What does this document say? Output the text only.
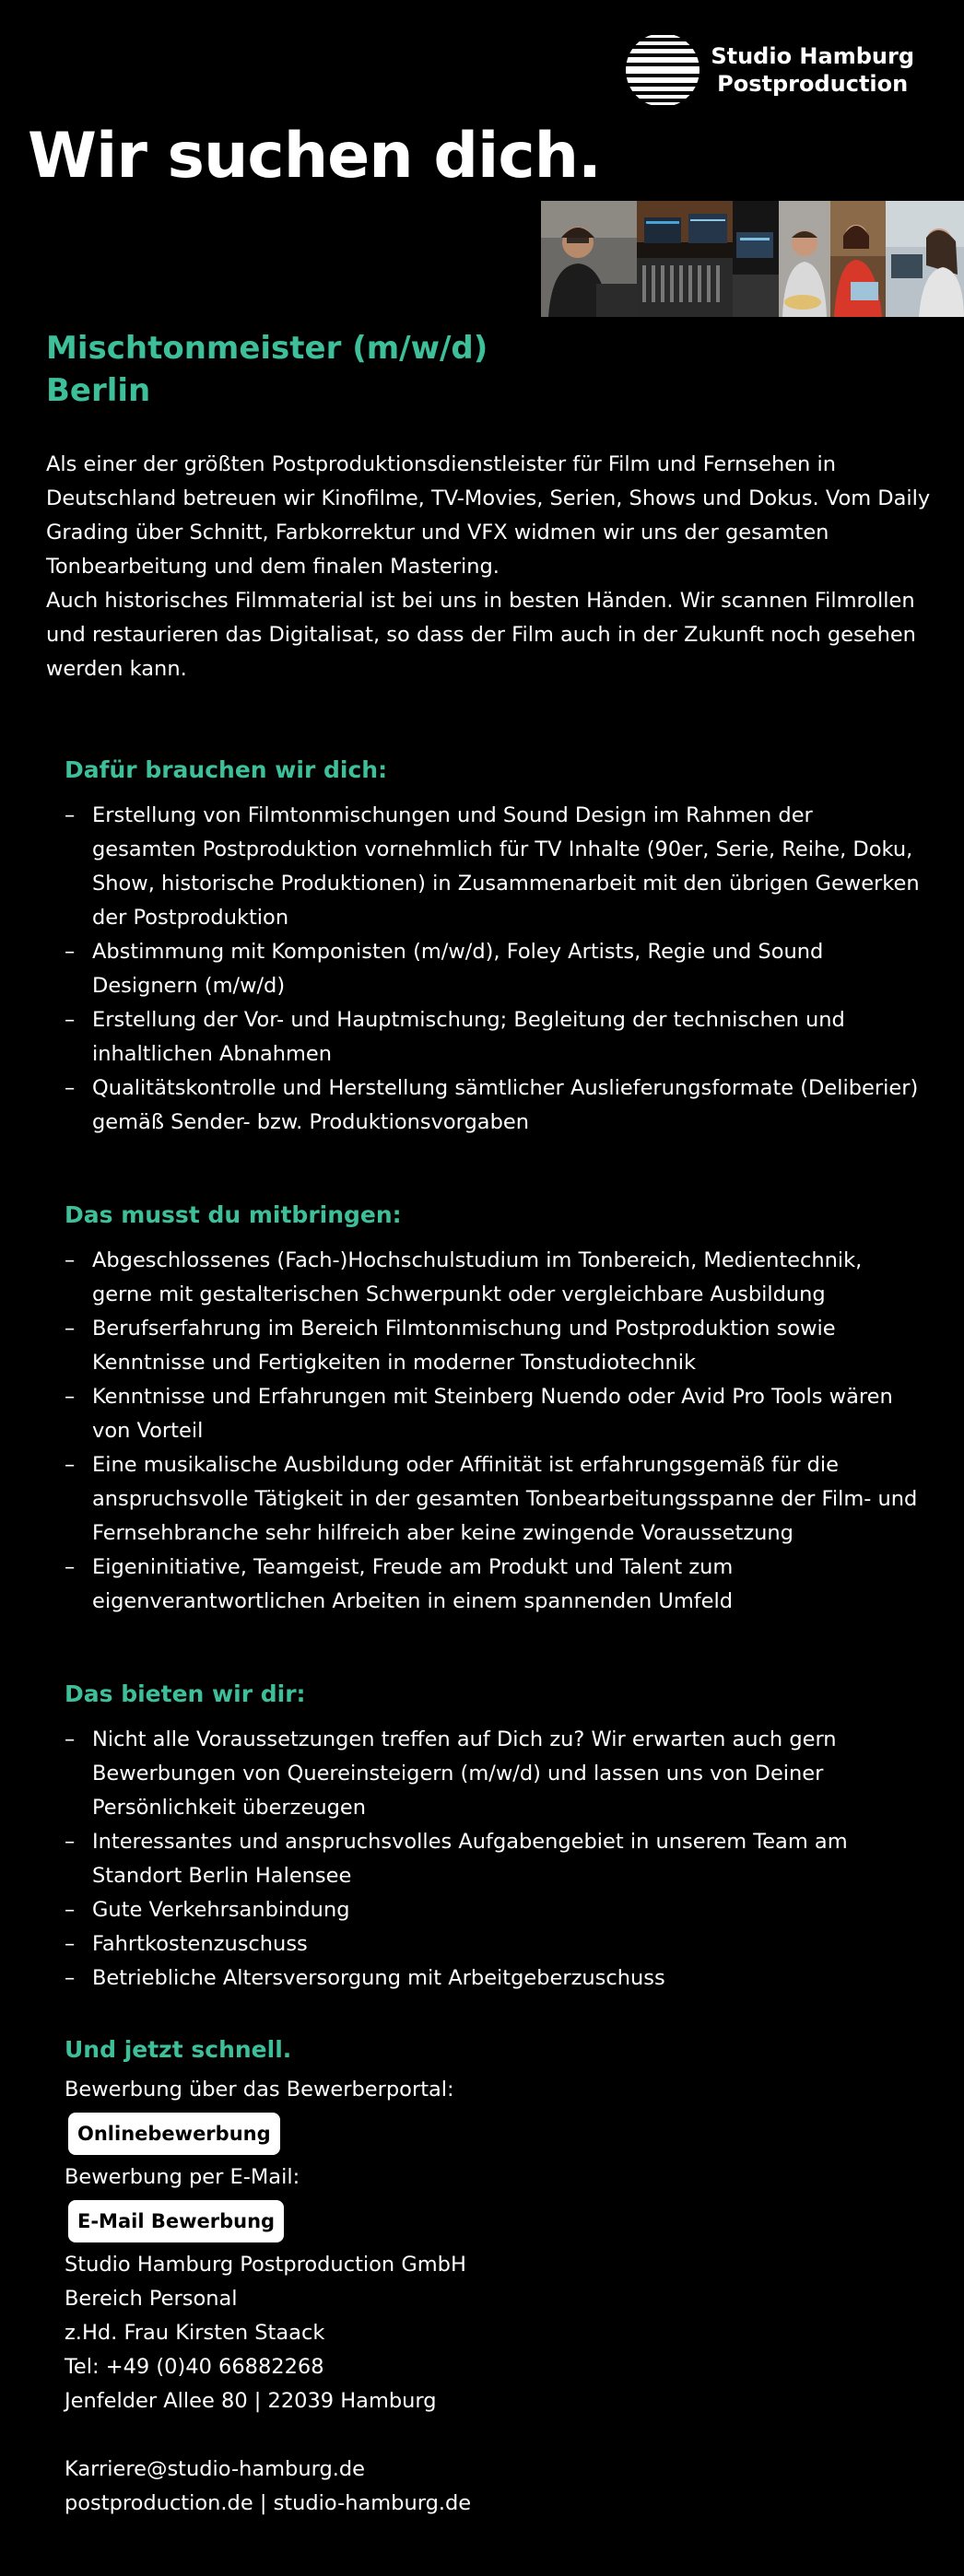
Studio Hamburg
Postproduction
Wir suchen dich.
Mischtonmeister (m/w/d)
Berlin

Als einer der größten Postproduktionsdienstleister für Film und Fernsehen in Deutschland betreuen wir Kinofilme, TV-Movies, Serien, Shows und Dokus. Vom Daily Grading über Schnitt, Farbkorrektur und VFX widmen wir uns der gesamten Tonbearbeitung und dem finalen Mastering.

Auch historisches Filmmaterial ist bei uns in besten Händen. Wir scannen Filmrollen und restaurieren das Digitalisat, so dass der Film auch in der Zukunft noch gesehen werden kann.

Dafür brauchen wir dich:
– Erstellung von Filmtonmischungen und Sound Design im Rahmen der gesamten Postproduktion vornehmlich für TV Inhalte (90er, Serie, Reihe, Doku, Show, historische Produktionen) in Zusammenarbeit mit den übrigen Gewerken der Postproduktion
– Abstimmung mit Komponisten (m/w/d), Foley Artists, Regie und Sound Designern (m/w/d)
– Erstellung der Vor- und Hauptmischung; Begleitung der technischen und inhaltlichen Abnahmen
– Qualitätskontrolle und Herstellung sämtlicher Auslieferungsformate (Deliberier) gemäß Sender- bzw. Produktionsvorgaben
Das musst du mitbringen:
– Abgeschlossenes (Fach-)Hochschulstudium im Tonbereich, Medientechnik, gerne mit gestalterischen Schwerpunkt oder vergleichbare Ausbildung
– Berufserfahrung im Bereich Filmtonmischung und Postproduktion sowie Kenntnisse und Fertigkeiten in moderner Tonstudiotechnik
– Kenntnisse und Erfahrungen mit Steinberg Nuendo oder Avid Pro Tools wären von Vorteil
– Eine musikalische Ausbildung oder Affinität ist erfahrungsgemäß für die anspruchsvolle Tätigkeit in der gesamten Tonbearbeitungsspanne der Film- und Fernsehbranche sehr hilfreich aber keine zwingende Voraussetzung
– Eigeninitiative, Teamgeist, Freude am Produkt und Talent zum eigenverantwortlichen Arbeiten in einem spannenden Umfeld
Das bieten wir dir:
– Nicht alle Voraussetzungen treffen auf Dich zu? Wir erwarten auch gern Bewerbungen von Quereinsteigern (m/w/d) und lassen uns von Deiner Persönlichkeit überzeugen
– Interessantes und anspruchsvolles Aufgabengebiet in unserem Team am Standort Berlin Halensee
– Gute Verkehrsanbindung
– Fahrtkostenzuschuss
– Betriebliche Altersversorgung mit Arbeitgeberzuschuss
Und jetzt schnell.
Bewerbung über das Bewerberportal:
Onlinebewerbung
Bewerbung per E-Mail:
E-Mail Bewerbung
Studio Hamburg Postproduction GmbH
Bereich Personal
z.Hd. Frau Kirsten Staack
Tel: +49 (0)40 66882268
Jenfelder Allee 80 | 22039 Hamburg
Karriere@studio-hamburg.de
postproduction.de | studio-hamburg.de
